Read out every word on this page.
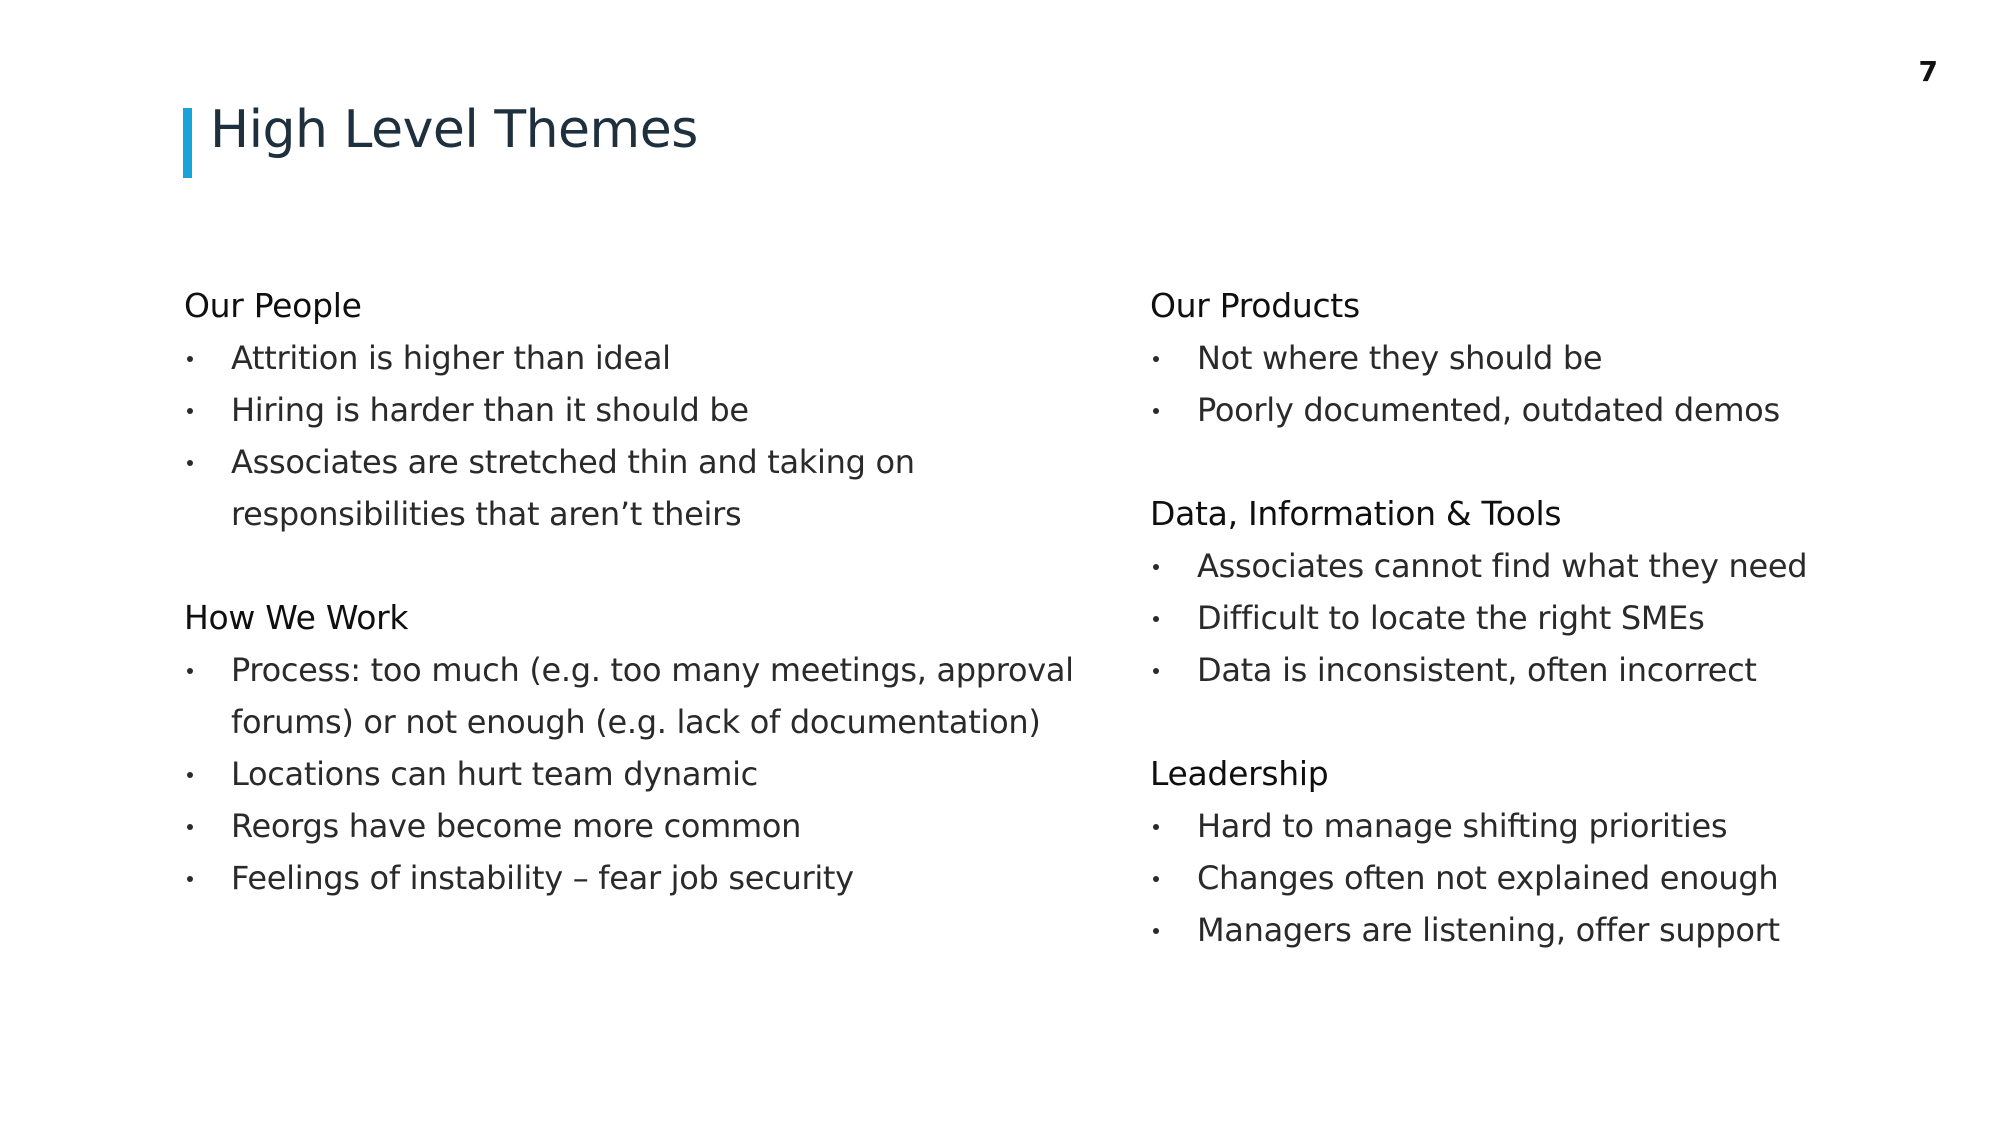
7
High Level Themes
Our People
Attrition is higher than ideal
Hiring is harder than it should be
Associates are stretched thin and taking on responsibilities that aren’t theirs
How We Work
Process: too much (e.g. too many meetings, approval forums) or not enough (e.g. lack of documentation)
Locations can hurt team dynamic
Reorgs have become more common
Feelings of instability – fear job security
Our Products
Not where they should be
Poorly documented, outdated demos
Data, Information & Tools
Associates cannot find what they need
Difficult to locate the right SMEs
Data is inconsistent, often incorrect
Leadership
Hard to manage shifting priorities
Changes often not explained enough
Managers are listening, offer support
